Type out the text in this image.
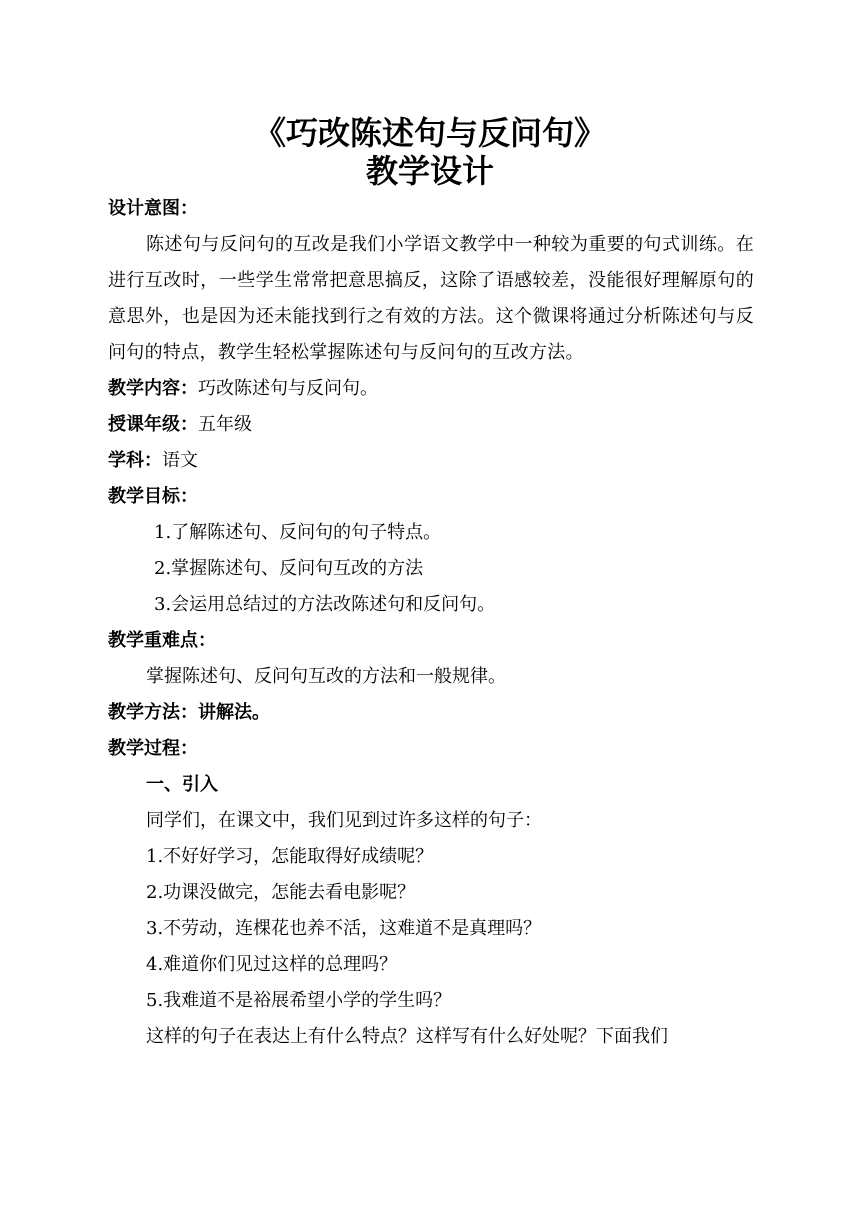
《巧改陈述句与反问句》
教学设计

设计意图：

陈述句与反问句的互改是我们小学语文教学中一种较为重要的句式训练。在进行互改时，一些学生常常把意思搞反，这除了语感较差，没能很好理解原句的意思外，也是因为还未能找到行之有效的方法。这个微课将通过分析陈述句与反问句的特点，教学生轻松掌握陈述句与反问句的互改方法。

教学内容：巧改陈述句与反问句。

授课年级：五年级

学科：语文

教学目标：

1.了解陈述句、反问句的句子特点。

2.掌握陈述句、反问句互改的方法

3.会运用总结过的方法改陈述句和反问句。

教学重难点：

掌握陈述句、反问句互改的方法和一般规律。

教学方法：讲解法。

教学过程：

一、引入

同学们，在课文中，我们见到过许多这样的句子：

1.不好好学习，怎能取得好成绩呢？

2.功课没做完，怎能去看电影呢？

3.不劳动，连棵花也养不活，这难道不是真理吗？

4.难道你们见过这样的总理吗？

5.我难道不是裕展希望小学的学生吗？

这样的句子在表达上有什么特点？这样写有什么好处呢？下面我们
